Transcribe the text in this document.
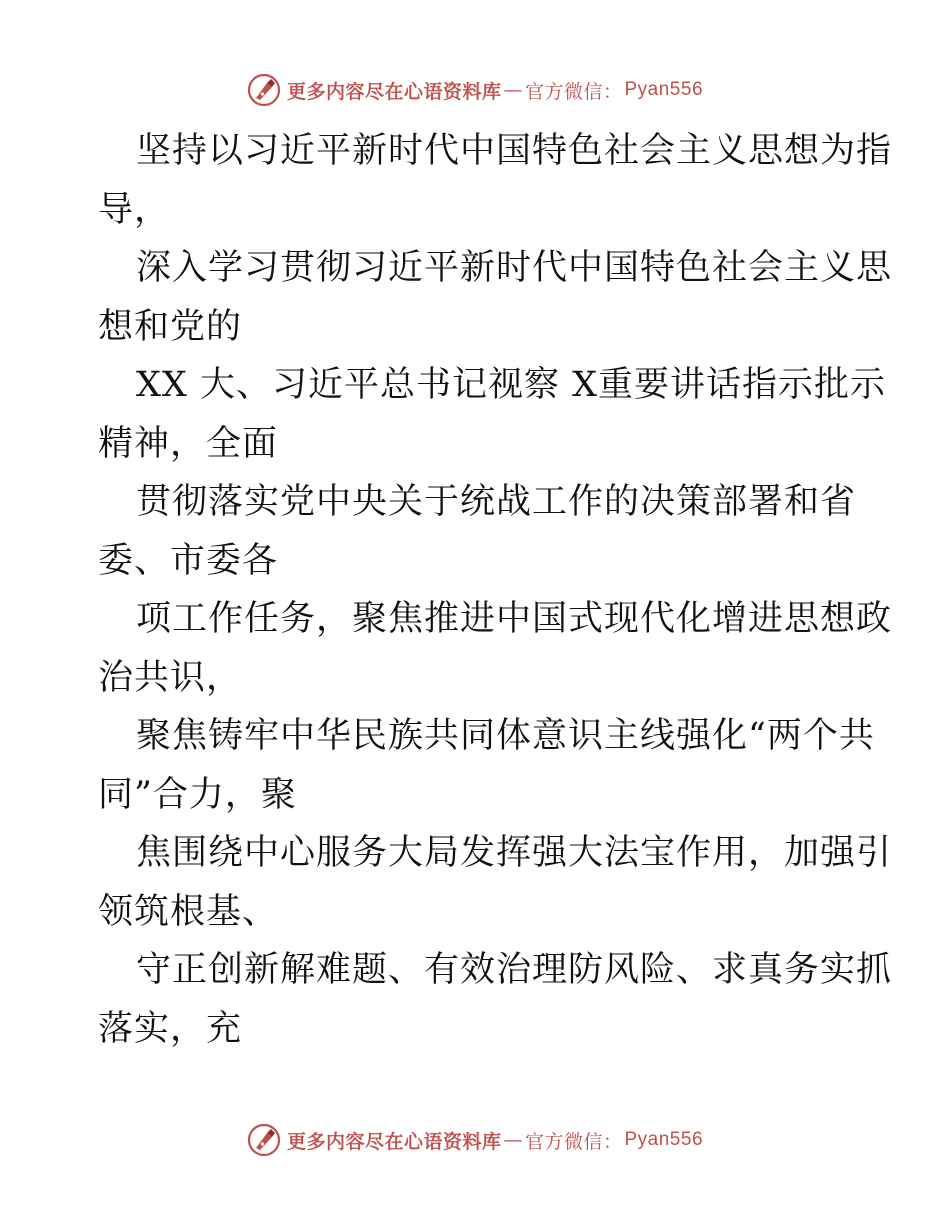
更多内容尽在心语资料库 — 官方微信： Pyan556

坚持以习近平新时代中国特色社会主义思想为指

导，

深入学习贯彻习近平新时代中国特色社会主义思

想和党的

XX 大、习近平总书记视察 X重要讲话指示批示

精神，全面

贯彻落实党中央关于统战工作的决策部署和省

委、市委各

项工作任务，聚焦推进中国式现代化增进思想政

治共识，

聚焦铸牢中华民族共同体意识主线强化“两个共

同”合力，聚

焦围绕中心服务大局发挥强大法宝作用，加强引

领筑根基、

守正创新解难题、有效治理防风险、求真务实抓

落实，充

更多内容尽在心语资料库 — 官方微信： Pyan556
